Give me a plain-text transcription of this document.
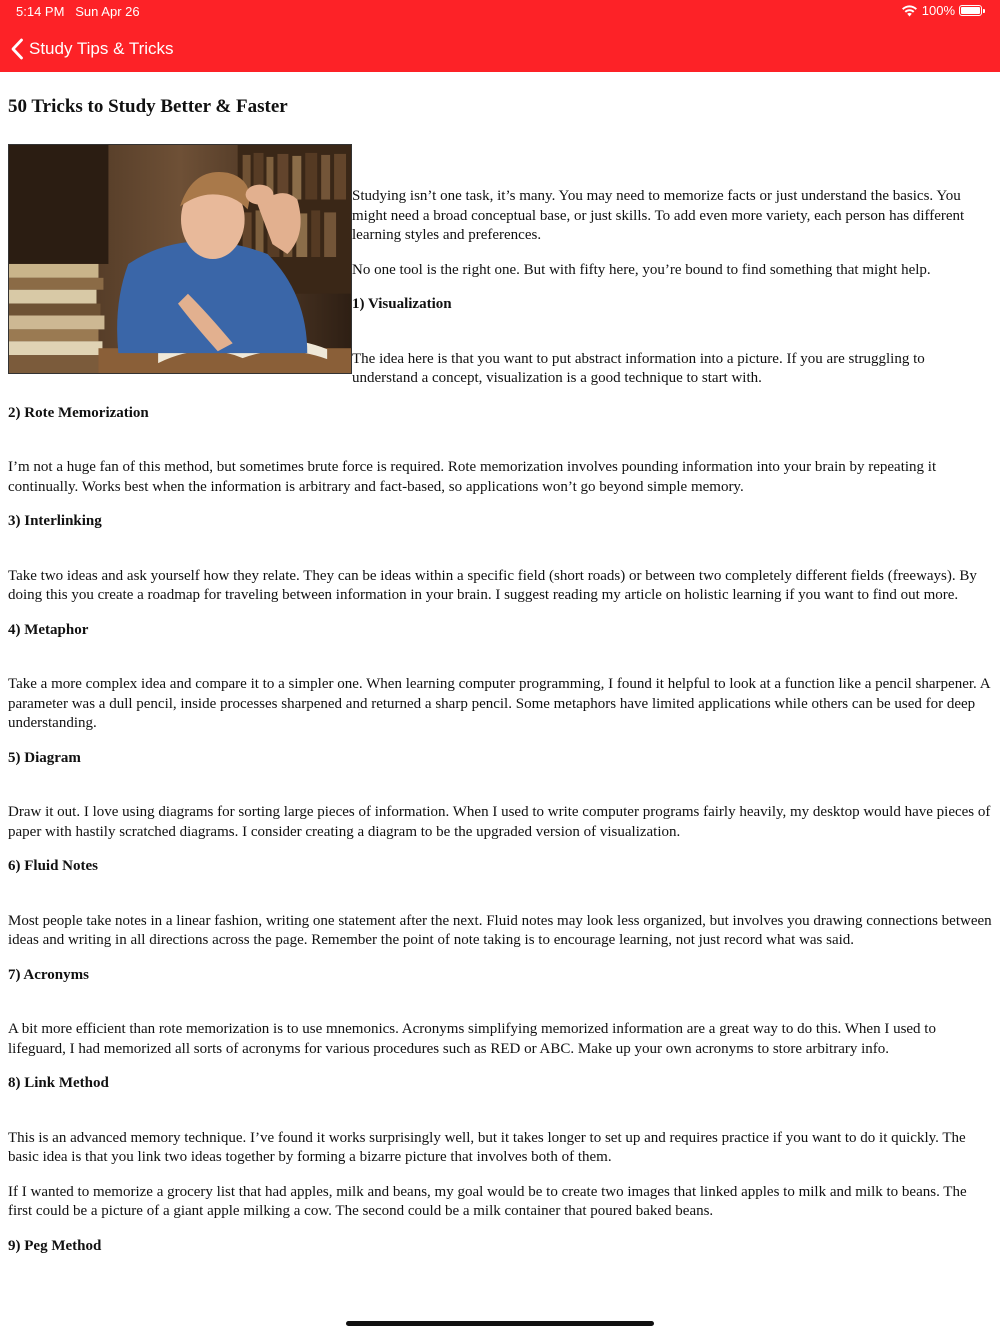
5:14 PM Sun Apr 26	100%
Study Tips & Tricks
50 Tricks to Study Better & Faster

Studying isn’t one task, it’s many. You may need to memorize facts or just understand the basics. You might need a broad conceptual base, or just skills. To add even more variety, each person has different learning styles and preferences.

No one tool is the right one. But with fifty here, you’re bound to find something that might help.

1) Visualization

The idea here is that you want to put abstract information into a picture. If you are struggling to understand a concept, visualization is a good technique to start with.

2) Rote Memorization

I’m not a huge fan of this method, but sometimes brute force is required. Rote memorization involves pounding information into your brain by repeating it continually. Works best when the information is arbitrary and fact-based, so applications won’t go beyond simple memory.

3) Interlinking

Take two ideas and ask yourself how they relate. They can be ideas within a specific field (short roads) or between two completely different fields (freeways). By doing this you create a roadmap for traveling between information in your brain. I suggest reading my article on holistic learning if you want to find out more.

4) Metaphor

Take a more complex idea and compare it to a simpler one. When learning computer programming, I found it helpful to look at a function like a pencil sharpener. A parameter was a dull pencil, inside processes sharpened and returned a sharp pencil. Some metaphors have limited applications while others can be used for deep understanding.

5) Diagram

Draw it out. I love using diagrams for sorting large pieces of information. When I used to write computer programs fairly heavily, my desktop would have pieces of paper with hastily scratched diagrams. I consider creating a diagram to be the upgraded version of visualization.

6) Fluid Notes

Most people take notes in a linear fashion, writing one statement after the next. Fluid notes may look less organized, but involves you drawing connections between ideas and writing in all directions across the page. Remember the point of note taking is to encourage learning, not just record what was said.

7) Acronyms

A bit more efficient than rote memorization is to use mnemonics. Acronyms simplifying memorized information are a great way to do this. When I used to lifeguard, I had memorized all sorts of acronyms for various procedures such as RED or ABC. Make up your own acronyms to store arbitrary info.

8) Link Method

This is an advanced memory technique. I’ve found it works surprisingly well, but it takes longer to set up and requires practice if you want to do it quickly. The basic idea is that you link two ideas together by forming a bizarre picture that involves both of them.

If I wanted to memorize a grocery list that had apples, milk and beans, my goal would be to create two images that linked apples to milk and milk to beans. The first could be a picture of a giant apple milking a cow. The second could be a milk container that poured baked beans.

9) Peg Method
